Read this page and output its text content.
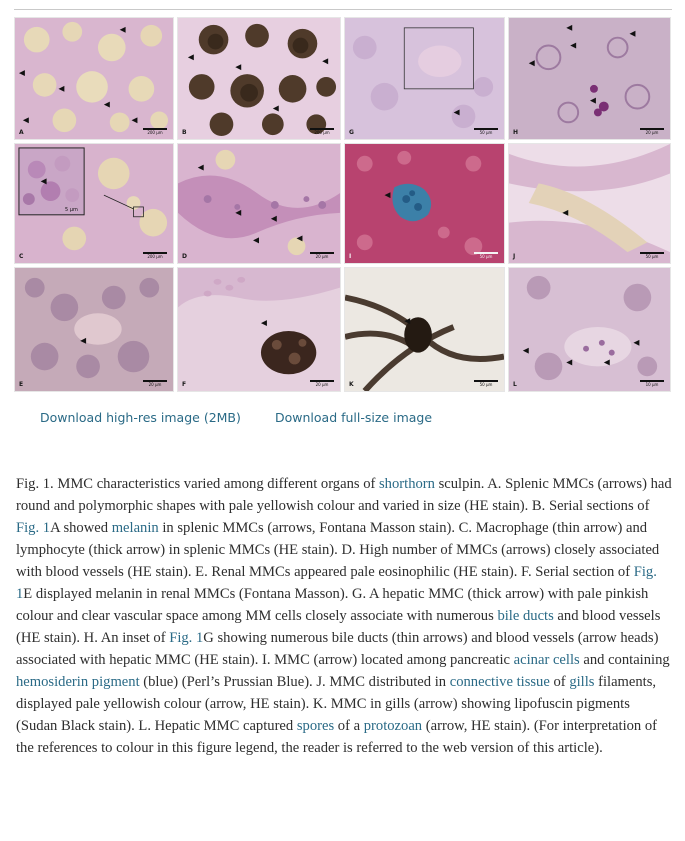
A	200 µm	B	200 µm
5 µm
C	200 µm	D	20 µm
E	20 µm	F	20 µm
G	50 µm	H	20 µm
I	50 µm	J	50 µm
K	50 µm	L	10 µm
Download high-res image (2MB)	Download full-size image

Fig. 1. MMC characteristics varied among different organs of shorthorn sculpin. A. Splenic MMCs (arrows) had round and polymorphic shapes with pale yellowish colour and varied in size (HE stain). B. Serial sections of Fig. 1A showed melanin in splenic MMCs (arrows, Fontana Masson stain). C. Macrophage (thin arrow) and lymphocyte (thick arrow) in splenic MMCs (HE stain). D. High number of MMCs (arrows) closely associated with blood vessels (HE stain). E. Renal MMCs appeared pale eosinophilic (HE stain). F. Serial section of Fig. 1E displayed melanin in renal MMCs (Fontana Masson). G. A hepatic MMC (thick arrow) with pale pinkish colour and clear vascular space among MM cells closely associate with numerous bile ducts and blood vessels (HE stain). H. An inset of Fig. 1G showing numerous bile ducts (thin arrows) and blood vessels (arrow heads) associated with hepatic MMC (HE stain). I. MMC (arrow) located among pancreatic acinar cells and containing hemosiderin pigment (blue) (Perl’s Prussian Blue). J. MMC distributed in connective tissue of gills filaments, displayed pale yellowish colour (arrow, HE stain). K. MMC in gills (arrow) showing lipofuscin pigments (Sudan Black stain). L. Hepatic MMC captured spores of a protozoan (arrow, HE stain). (For interpretation of the references to colour in this figure legend, the reader is referred to the web version of this article).
